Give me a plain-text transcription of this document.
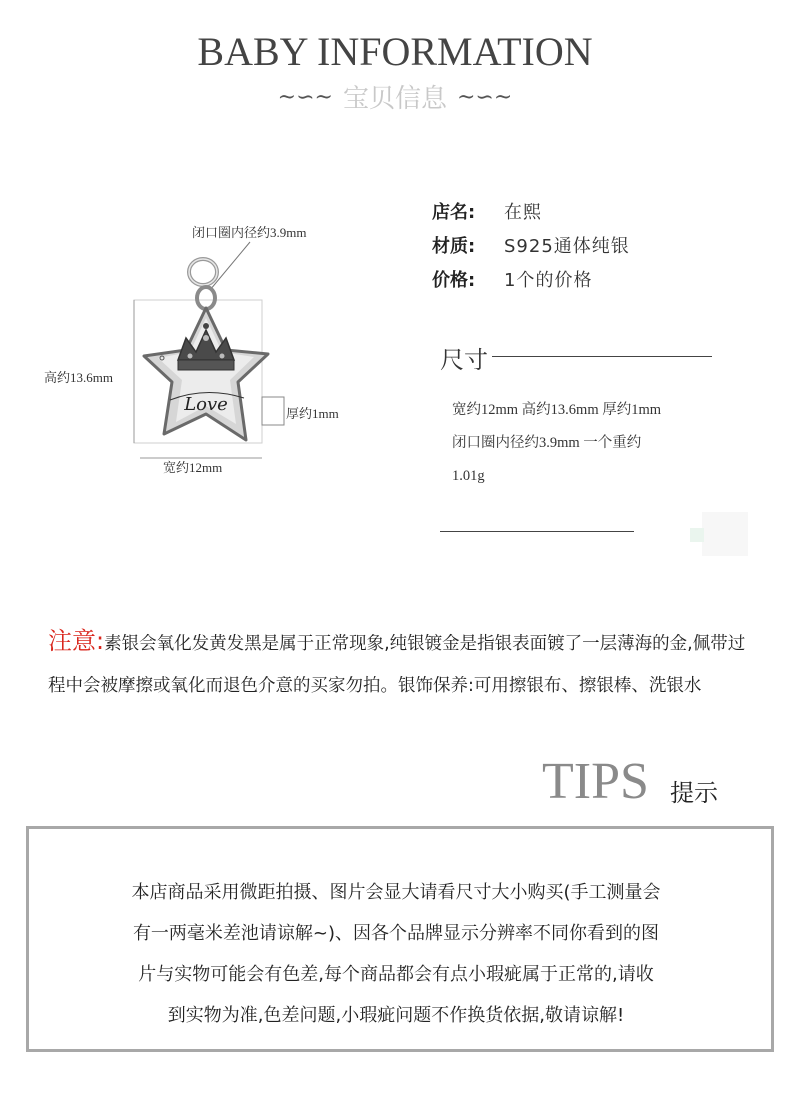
BABY INFORMATION
~∽~ 宝贝信息 ~∽~
Love
闭口圈内径约3.9mm
高约13.6mm
厚约1mm
宽约12mm
店名:	在熙
材质:	S925通体纯银
价格:	1个的价格
尺寸
宽约12mm 高约13.6mm 厚约1mm
闭口圈内径约3.9mm 一个重约
1.01g
注意:素银会氧化发黄发黑是属于正常现象,纯银镀金是指银表面镀了一层薄海的金,佩带过程中会被摩擦或氧化而退色介意的买家勿拍。银饰保养:可用擦银布、擦银棒、洗银水
TIPS 提示
本店商品采用微距拍摄、图片会显大请看尺寸大小购买(手工测量会
有一两毫米差池请谅解~)、因各个品牌显示分辨率不同你看到的图
片与实物可能会有色差,每个商品都会有点小瑕疵属于正常的,请收
到实物为准,色差问题,小瑕疵问题不作换货依据,敬请谅解!
